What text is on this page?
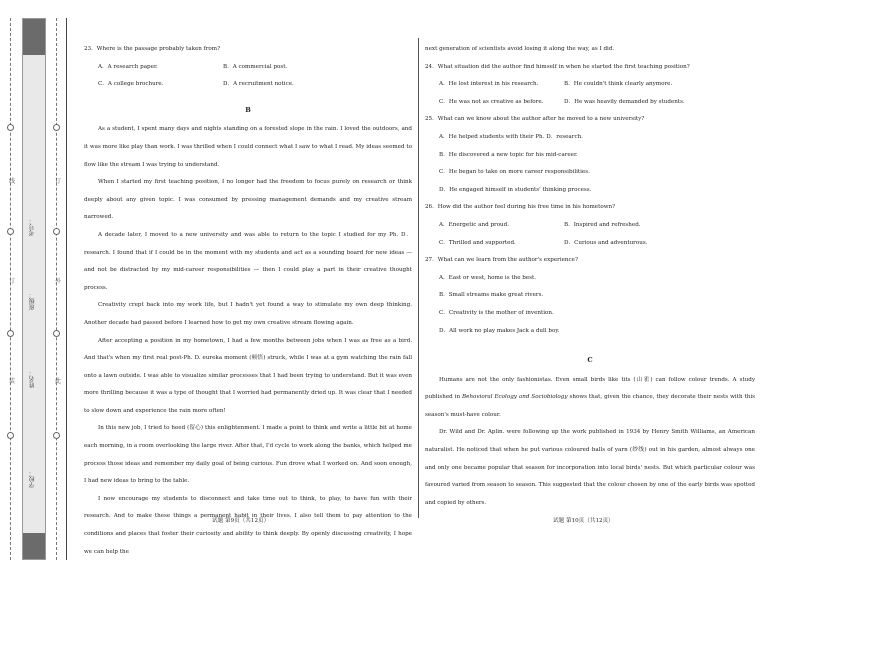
学校：
姓名：
班级：
考号：
线
订
装
订
外
此

23．Where is the passage probably taken from?

A．A research paper.	B．A commercial post.
C．A college brochure.	D．A recruitment notice.
B

As a student, I spent many days and nights standing on a forested slope in the rain. I loved the outdoors, and it was more like play than work. I was thrilled when I could connect what I saw to what I read. My ideas seemed to flow like the stream I was trying to understand.

When I started my first teaching position, I no longer had the freedom to focus purely on research or think deeply about any given topic. I was consumed by pressing management demands and my creative stream narrowed.

A decade later, I moved to a new university and was able to return to the topic I studied for my Ph. D．research. I found that if I could be in the moment with my students and act as a sounding board for new ideas — and not be distracted by my mid-career responsibilities — then I could play a part in their creative thought process.

Creativity crept back into my work life, but I hadn't yet found a way to stimulate my own deep thinking. Another decade had passed before I learned how to get my own creative stream flowing again.

After accepting a position in my hometown, I had a few months between jobs when I was as free as a bird. And that's when my first real post-Ph. D. eureka moment (顿悟) struck, while I was at a gym watching the rain fall onto a lawn outside. I was able to visualize similar processes that I had been trying to understand. But it was even more thrilling because it was a type of thought that I worried had permanently dried up. It was clear that I needed to slow down and experience the rain more often!

In this new job, I tried to heed (留心) this enlightenment. I made a point to think and write a little bit at home each morning, in a room overlooking the large river. After that, I'd cycle to work along the banks, which helped me process those ideas and remember my daily goal of being curious. Fun drove what I worked on. And soon enough, I had new ideas to bring to the table.

I now encourage my students to disconnect and take time out to think, to play, to have fun with their research. And to make these things a permanent habit in their lives. I also tell them to pay attention to the conditions and places that foster their curiosity and ability to think deeply. By openly discussing creativity, I hope we can help the

试题 第9页（共12页）

next generation of scientists avoid losing it along the way, as I did.

24．What situation did the author find himself in when he started the first teaching position?

A．He lost interest in his research.	B．He couldn't think clearly anymore.
C．He was not as creative as before.	D．He was heavily demanded by students.

25．What can we know about the author after he moved to a new university?

A．He helped students with their Ph. D．research.
B．He discovered a new topic for his mid-career.
C．He began to take on more career responsibilities.
D．He engaged himself in students' thinking process.

26．How did the author feel during his free time in his hometown?

A．Energetic and proud.	B．Inspired and refreshed.
C．Thrilled and supported.	D．Curious and adventurous.

27．What can we learn from the author's experience?

A．East or west, home is the best.
B．Small streams make great rivers.
C．Creativity is the mother of invention.
D．All work no play makes Jack a dull boy.
C

Humans are not the only fashionistas. Even small birds like tits (山雀) can follow colour trends. A study published in Behavioral Ecology and Sociobiology shows that, given the chance, they decorate their nests with this season's must-have colour.

Dr. Wild and Dr. Aplin. were following up the work published in 1934 by Henry Smith Williams, an American naturalist. He noticed that when he put various coloured balls of yarn (纱线) out in his garden, almost always one and only one became popular that season for incorporation into local birds' nests. But which particular colour was favoured varied from season to season. This suggested that the colour chosen by one of the early birds was spotted and copied by others.

试题 第10页（共12页）
